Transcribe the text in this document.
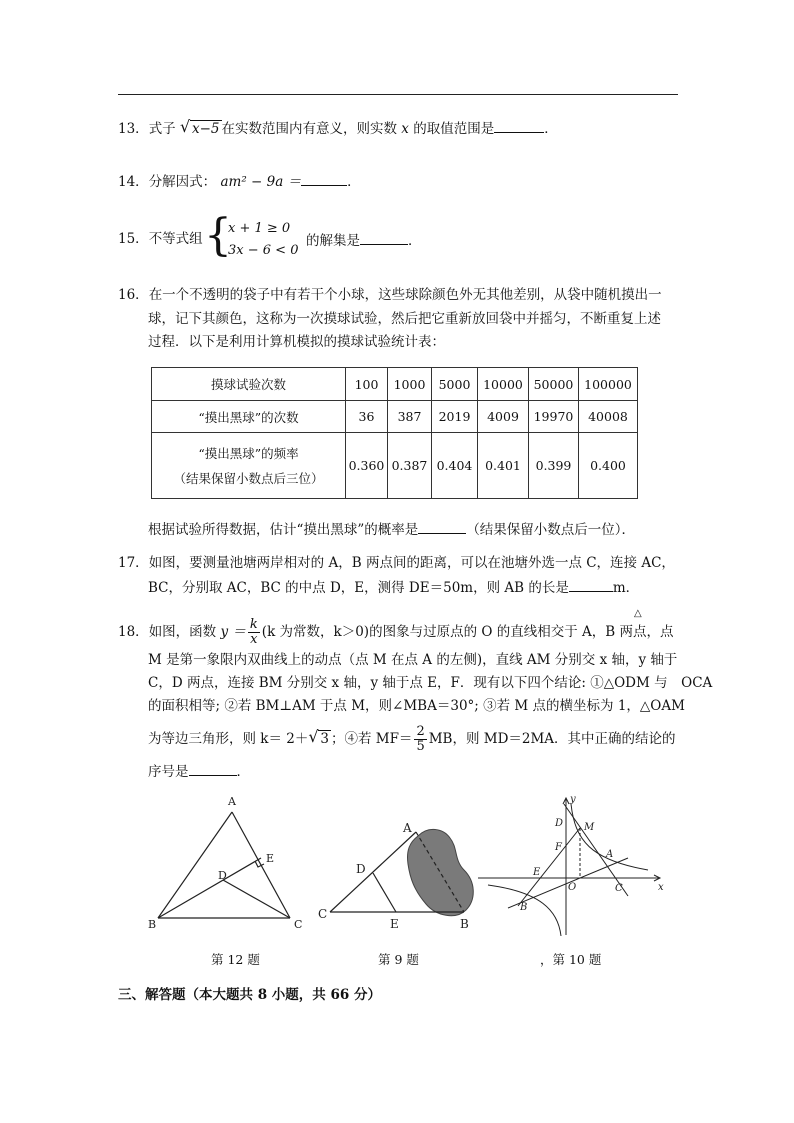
13．式子 √ x−5 在实数范围内有意义，则实数 x 的取值范围是	．
14．分解因式： am² − 9a ＝	．
15．不等式组 {
x + 1 ≥ 0
3x − 6 < 0
的解集是	．
16．在一个不透明的袋子中有若干个小球，这些球除颜色外无其他差别，从袋中随机摸出一
球，记下其颜色，这称为一次摸球试验，然后把它重新放回袋中并摇匀，不断重复上述
过程．以下是利用计算机模拟的摸球试验统计表：
摸球试验次数	100	1000	5000	10000	50000	100000
“摸出黑球”的次数	36	387	2019	4009	19970	40008

“摸出黑球”的频率
（结果保留小数点后三位）	0.360	0.387	0.404	0.401	0.399	0.400
根据试验所得数据，估计“摸出黑球”的概率是	（结果保留小数点后一位）．
17．如图，要测量池塘两岸相对的 A，B 两点间的距离，可以在池塘外选一点 C，连接 AC，
BC，分别取 AC，BC 的中点 D，E，测得 DE＝50m，则 AB 的长是	m．
18．如图，函数 $y = \frac{k}{x} (k$ 为常数，k＞0)的图象与过原点的 O 的直线相交于 A，B 两点，点
△
M 是第一象限内双曲线上的动点（点 M 在点 A 的左侧)，直线 AM 分别交 x 轴，y 轴于
C，D 两点，连接 BM 分别交 x 轴，y 轴于点 E，F．现有以下四个结论: ①△ODM 与　OCA
的面积相等; ②若 BM⊥AM 于点 M，则∠MBA＝30°; ③若 M 点的横坐标为 1，△OAM
为等边三角形，则 k＝ 2＋ √ 3 ；④若 $MF= \frac{2}{5}$ MB，则 MD＝2MA．其中正确的结论的
序号是	．
A
B	C
D
E
第 12 题
A
B
C
D
E
第 9 题
y
x
D M
F
A
E
O	C
B
，第 10 题
三、解答题（本大题共 8 小题，共 66 分）
